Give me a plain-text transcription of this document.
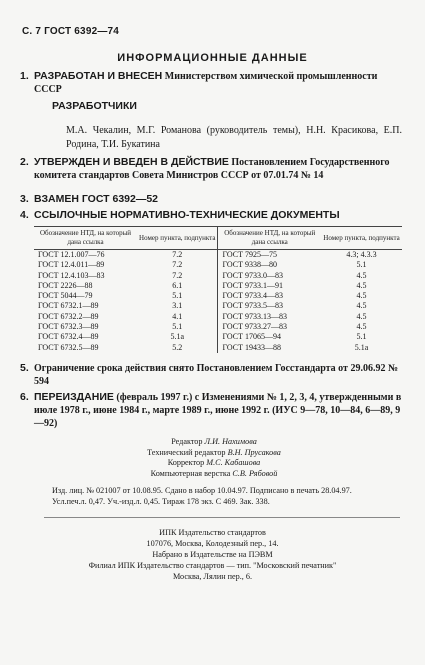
С. 7 ГОСТ 6392—74
ИНФОРМАЦИОННЫЕ ДАННЫЕ
1. РАЗРАБОТАН И ВНЕСЕН Министерством химической промышленности СССР
РАЗРАБОТЧИКИ
М.А. Чекалин, М.Г. Романова (руководитель темы), Н.Н. Красикова, Е.П. Родина, Т.И. Букатина
2. УТВЕРЖДЕН И ВВЕДЕН В ДЕЙСТВИЕ Постановлением Государственного комитета стандартов Совета Министров СССР от 07.01.74 № 14
3. ВЗАМЕН ГОСТ 6392—52
4. ССЫЛОЧНЫЕ НОРМАТИВНО-ТЕХНИЧЕСКИЕ ДОКУМЕНТЫ
Обозначение НТД, на который дана ссылка	Номер пункта, подпункта	Обозначение НТД, на который дана ссылка	Номер пункта, подпункта
ГОСТ 12.1.007—76	7.2	ГОСТ 7925—75	4.3; 4.3.3
ГОСТ 12.4.011—89	7.2	ГОСТ 9338—80	5.1
ГОСТ 12.4.103—83	7.2	ГОСТ 9733.0—83	4.5
ГОСТ 2226—88	6.1	ГОСТ 9733.1—91	4.5
ГОСТ 5044—79	5.1	ГОСТ 9733.4—83	4.5
ГОСТ 6732.1—89	3.1	ГОСТ 9733.5—83	4.5
ГОСТ 6732.2—89	4.1	ГОСТ 9733.13—83	4.5
ГОСТ 6732.3—89	5.1	ГОСТ 9733.27—83	4.5
ГОСТ 6732.4—89	5.1а	ГОСТ 17065—94	5.1
ГОСТ 6732.5—89	5.2	ГОСТ 19433—88	5.1а
5. Ограничение срока действия снято Постановлением Госстандарта от 29.06.92 № 594
6. ПЕРЕИЗДАНИЕ (февраль 1997 г.) с Изменениями № 1, 2, 3, 4, утвержденными в июле 1978 г., июне 1984 г., марте 1989 г., июне 1992 г. (ИУС 9—78, 10—84, 6—89, 9—92)
Редактор Л.И. Нахимова
Технический редактор В.Н. Прусакова
Корректор М.С. Кабашова
Компьютерная верстка С.В. Рябовой
Изд. лиц. № 021007 от 10.08.95. Сдано в набор 10.04.97. Подписано в печать 28.04.97.
Усл.печ.л. 0,47. Уч.-изд.л. 0,45. Тираж 178 экз. С 469. Зак. 338.
ИПК Издательство стандартов
107076, Москва, Колодезный пер., 14.
Набрано в Издательстве на ПЭВМ
Филиал ИПК Издательство стандартов — тип. "Московский печатник"
Москва, Лялин пер., 6.
